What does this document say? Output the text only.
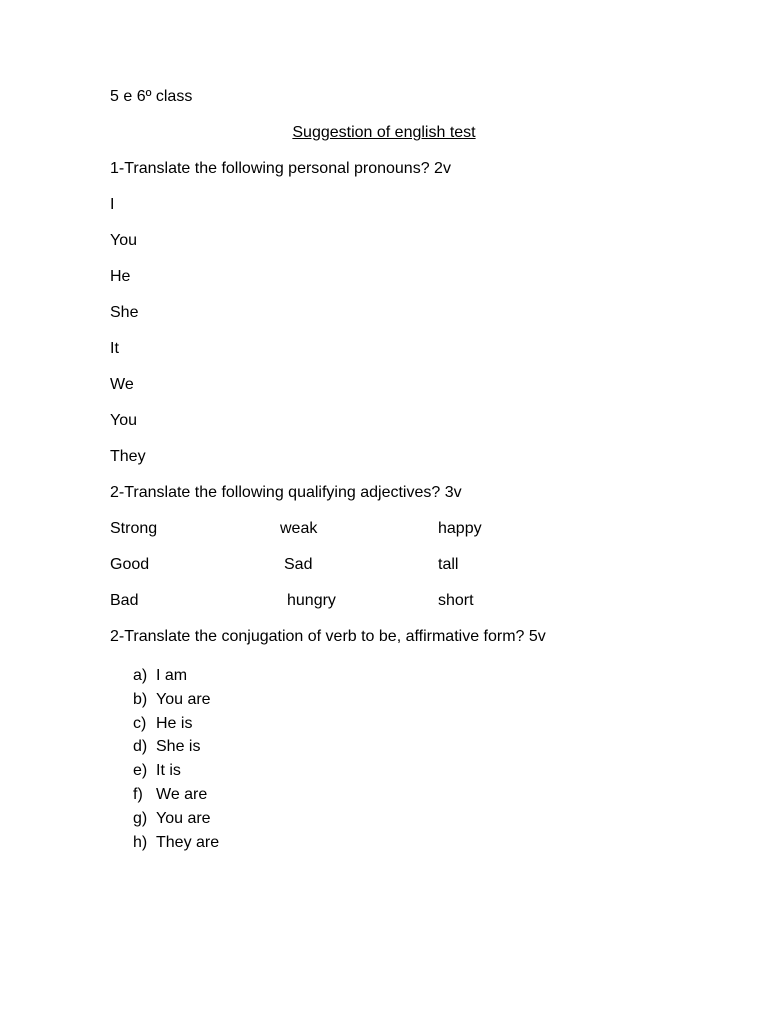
5 e 6º class
Suggestion of english test
1-Translate the following personal pronouns? 2v
I
You
He
She
It
We
You
They
2-Translate the following qualifying adjectives? 3v
Strong	weak	happy
Good	Sad	tall
Bad	hungry	short
2-Translate the conjugation of verb to be, affirmative form? 5v
a) I am
b) You are
c) He is
d) She is
e) It is
f) We are
g) You are
h) They are
